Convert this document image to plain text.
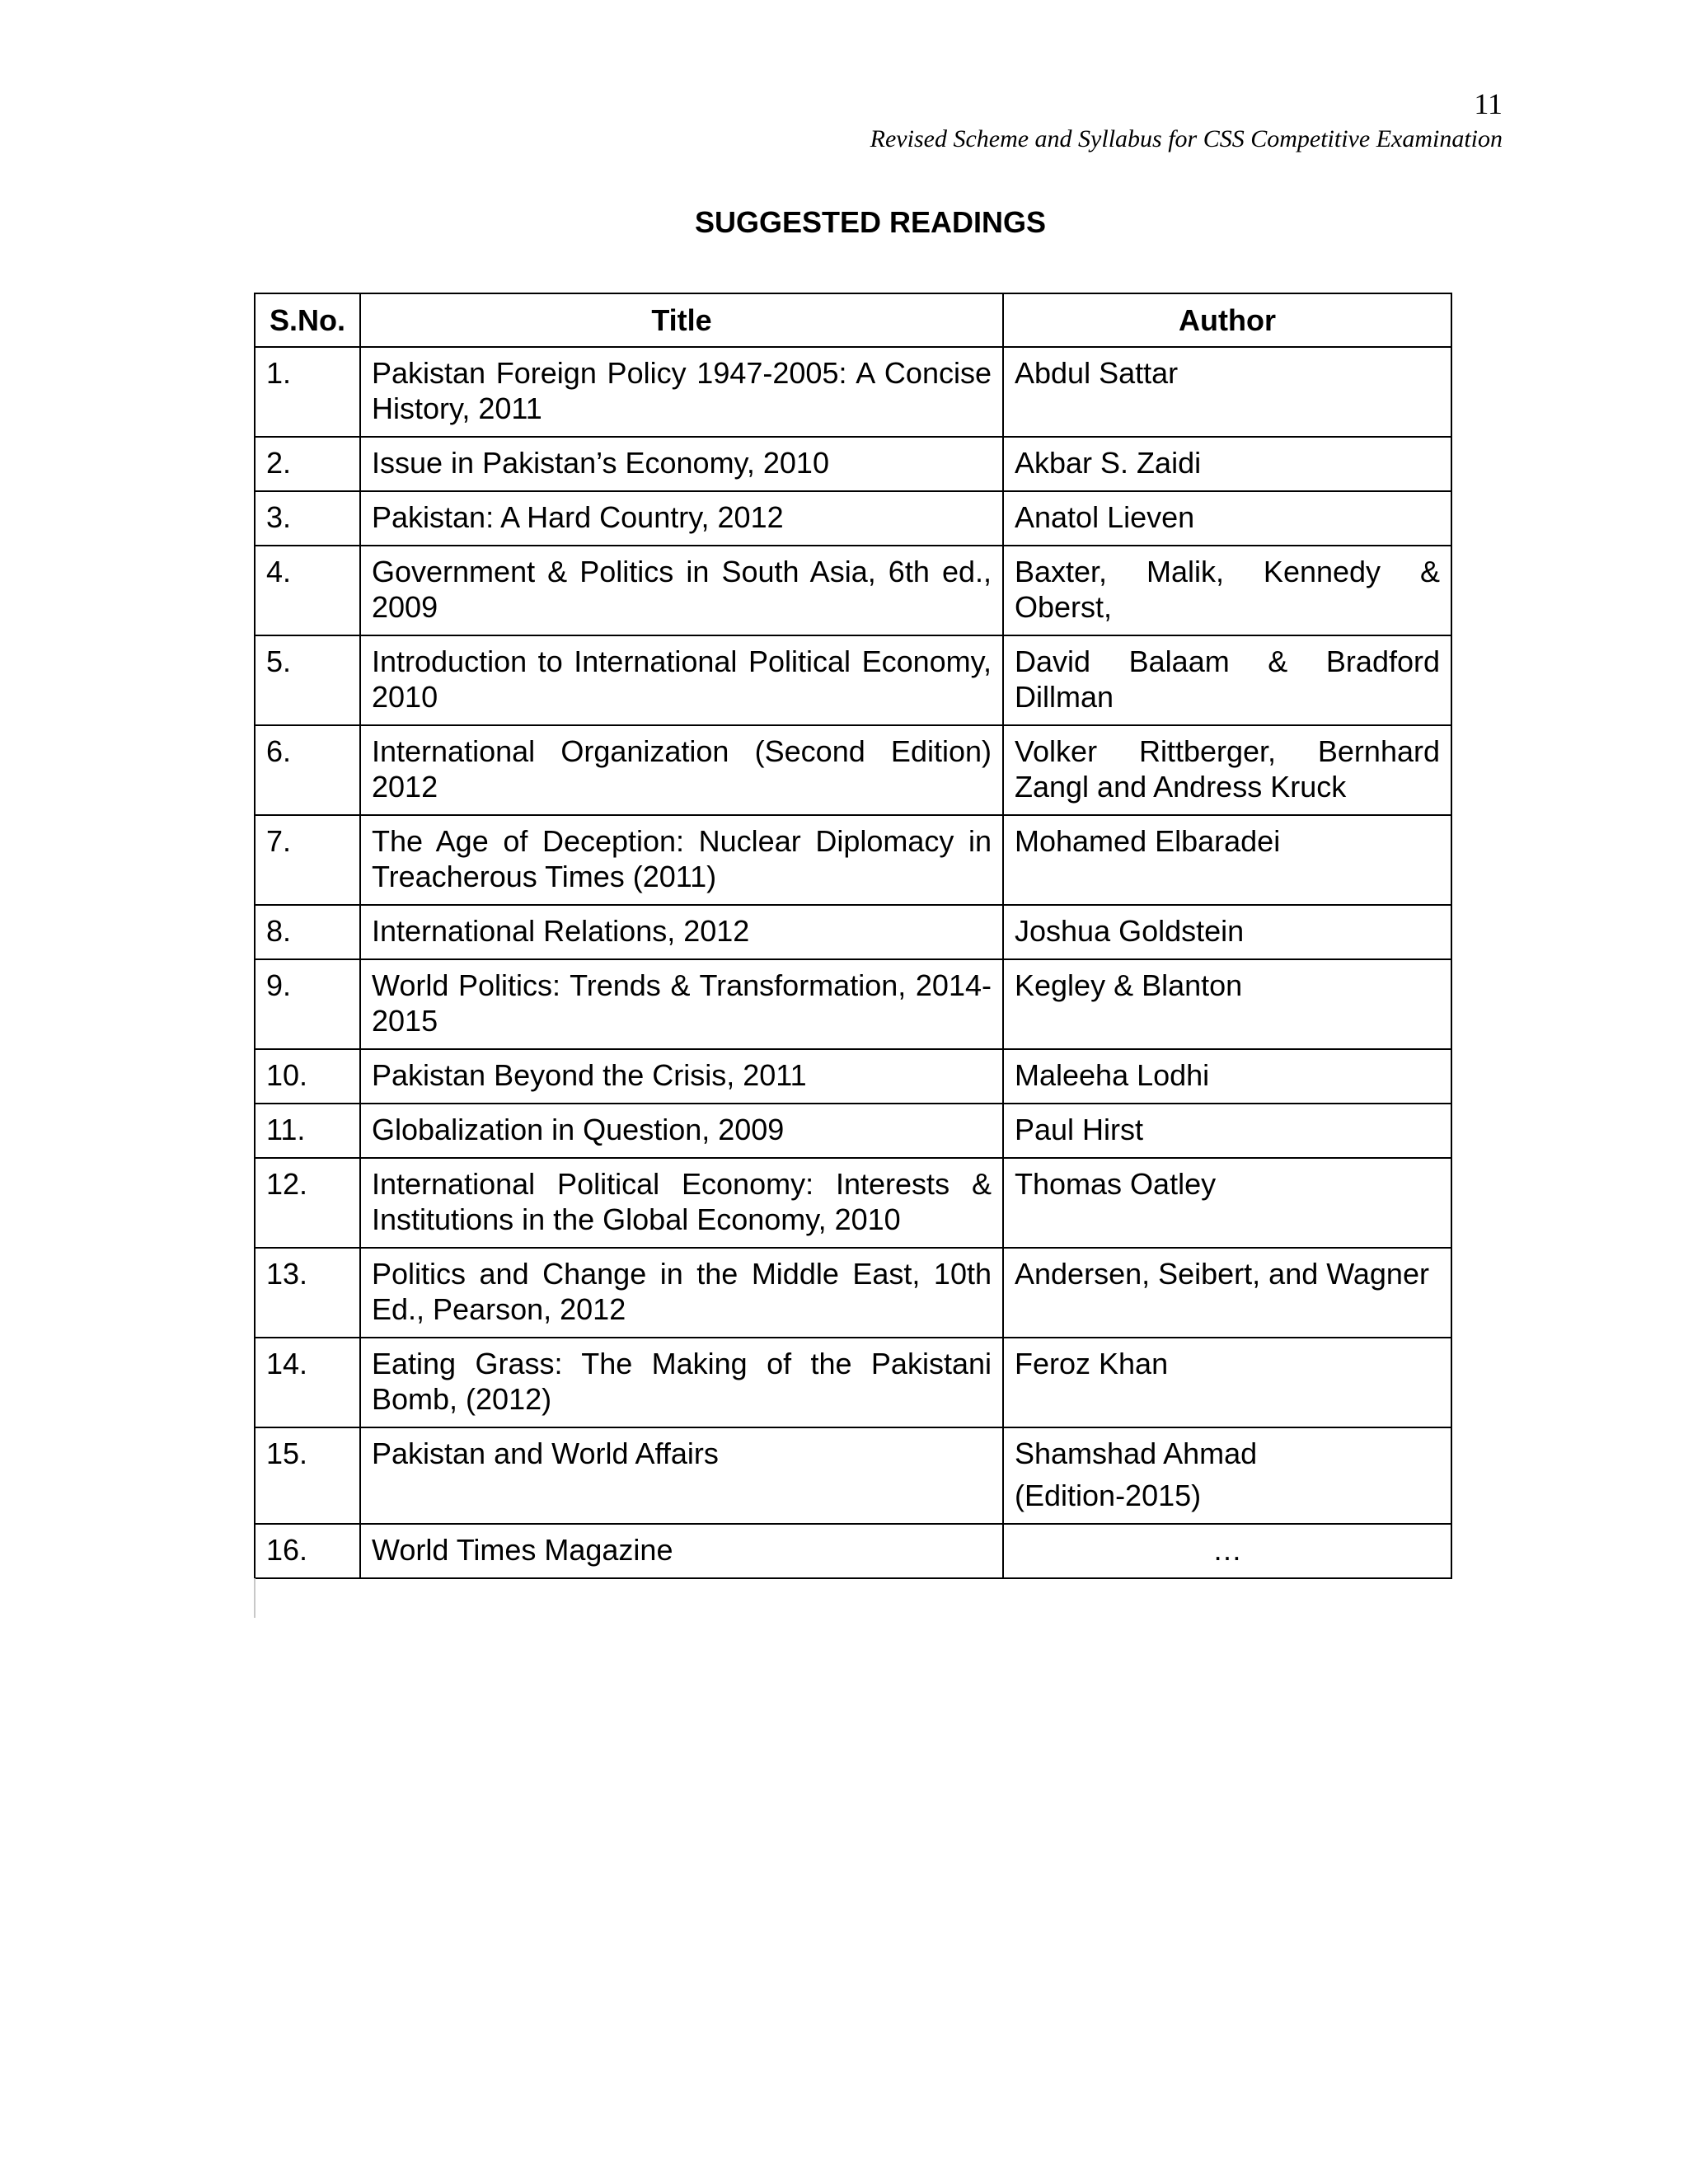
11
Revised Scheme and Syllabus for CSS Competitive Examination
SUGGESTED READINGS
S.No.	Title	Author
1.	Pakistan Foreign Policy 1947-2005: A Concise History, 2011	Abdul Sattar
2.	Issue in Pakistan’s Economy, 2010	Akbar S. Zaidi
3.	Pakistan: A Hard Country, 2012	Anatol Lieven
4.	Government & Politics in South Asia, 6th ed., 2009	Baxter, Malik, Kennedy & Oberst,
5.	Introduction to International Political Economy, 2010	David Balaam & Bradford Dillman
6.	International Organization (Second Edition) 2012	Volker Rittberger, Bernhard Zangl and Andress Kruck
7.	The Age of Deception: Nuclear Diplomacy in Treacherous Times (2011)	Mohamed Elbaradei
8.	International Relations, 2012	Joshua Goldstein
9.	World Politics: Trends & Transformation, 2014-2015	Kegley & Blanton
10.	Pakistan Beyond the Crisis, 2011	Maleeha Lodhi
11.	Globalization in Question, 2009	Paul Hirst
12.	International Political Economy: Interests & Institutions in the Global Economy, 2010	Thomas Oatley
13.	Politics and Change in the Middle East, 10th Ed., Pearson, 2012	Andersen, Seibert, and Wagner
14.	Eating Grass: The Making of the Pakistani Bomb, (2012)	Feroz Khan
15.	Pakistan and World Affairs	Shamshad Ahmad
(Edition-2015)

16.	World Times Magazine	…
